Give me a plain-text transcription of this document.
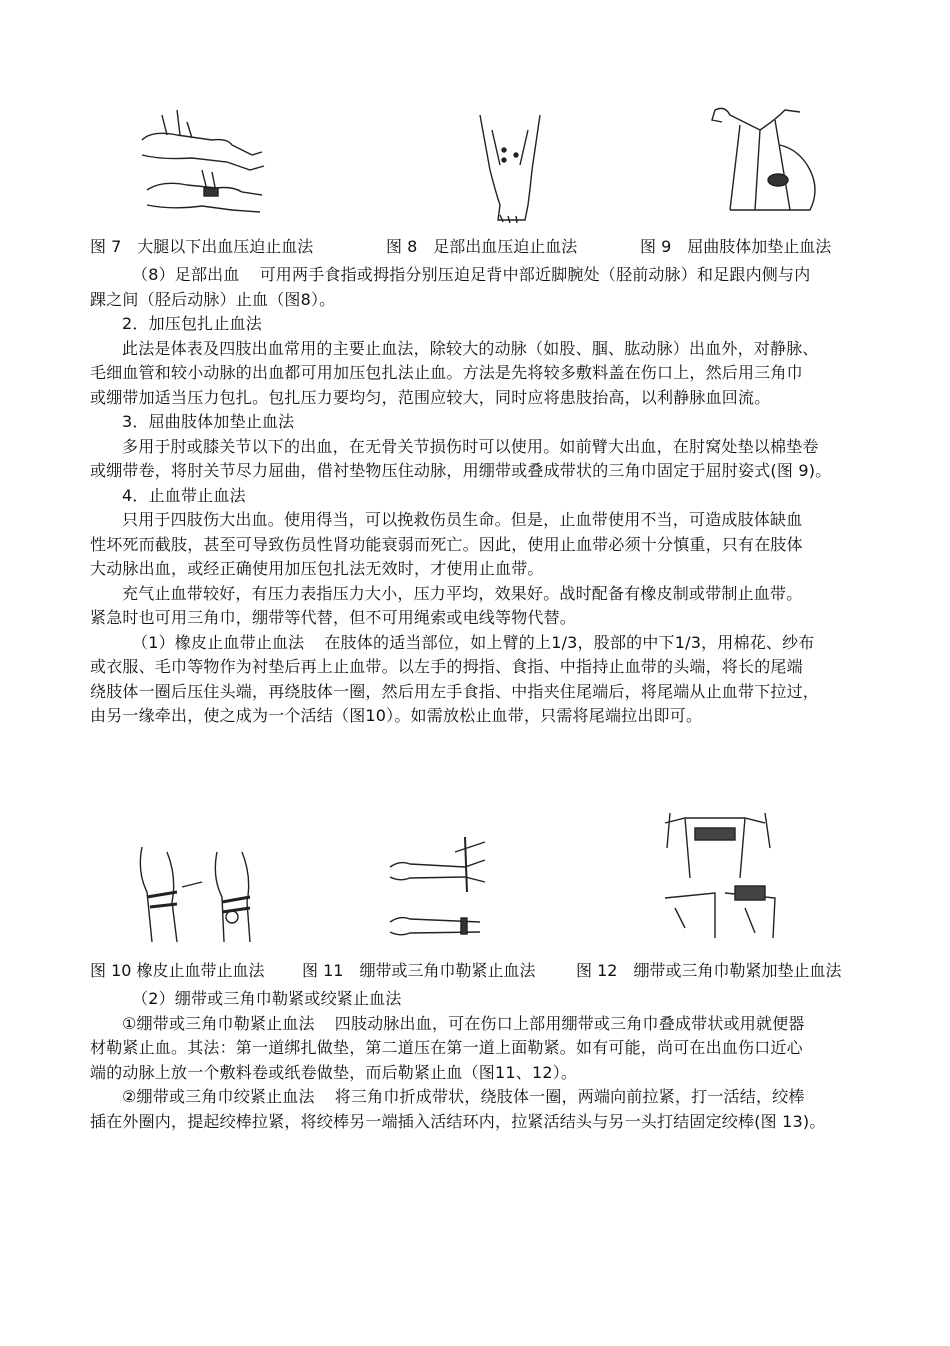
图 7　大腿以下出血压迫止血法	图 8　足部出血压迫止血法	图 9　屈曲肢体加垫止血法
（8）足部出血 可用两手食指或拇指分别压迫足背中部近脚腕处（胫前动脉）和足跟内侧与内
踝之间（胫后动脉）止血（图8）。
2．加压包扎止血法
此法是体表及四肢出血常用的主要止血法，除较大的动脉（如股、腘、肱动脉）出血外，对静脉、
毛细血管和较小动脉的出血都可用加压包扎法止血。方法是先将较多敷料盖在伤口上，然后用三角巾
或绷带加适当压力包扎。包扎压力要均匀，范围应较大，同时应将患肢抬高，以利静脉血回流。
3．屈曲肢体加垫止血法
多用于肘或膝关节以下的出血，在无骨关节损伤时可以使用。如前臂大出血，在肘窝处垫以棉垫卷
或绷带卷，将肘关节尽力屈曲，借衬垫物压住动脉，用绷带或叠成带状的三角巾固定于屈肘姿式(图 9)。
4．止血带止血法
只用于四肢伤大出血。使用得当，可以挽救伤员生命。但是，止血带使用不当，可造成肢体缺血
性坏死而截肢，甚至可导致伤员性肾功能衰弱而死亡。因此，使用止血带必须十分慎重，只有在肢体
大动脉出血，或经正确使用加压包扎法无效时，才使用止血带。
充气止血带较好，有压力表指压力大小，压力平均，效果好。战时配备有橡皮制或带制止血带。
紧急时也可用三角巾，绷带等代替，但不可用绳索或电线等物代替。
（1）橡皮止血带止血法 在肢体的适当部位，如上臂的上1/3，股部的中下1/3，用棉花、纱布
或衣服、毛巾等物作为衬垫后再上止血带。以左手的拇指、食指、中指持止血带的头端，将长的尾端
绕肢体一圈后压住头端，再绕肢体一圈，然后用左手食指、中指夹住尾端后，将尾端从止血带下拉过，
由另一缘牵出，使之成为一个活结（图10）。如需放松止血带，只需将尾端拉出即可。
图 10 橡皮止血带止血法 图 11　绷带或三角巾勒紧止血法	图 12　绷带或三角巾勒紧加垫止血法
（2）绷带或三角巾勒紧或绞紧止血法
①绷带或三角巾勒紧止血法 四肢动脉出血，可在伤口上部用绷带或三角巾叠成带状或用就便器
材勒紧止血。其法：第一道绑扎做垫，第二道压在第一道上面勒紧。如有可能，尚可在出血伤口近心
端的动脉上放一个敷料卷或纸卷做垫，而后勒紧止血（图11、12）。
②绷带或三角巾绞紧止血法 将三角巾折成带状，绕肢体一圈，两端向前拉紧，打一活结，绞棒
插在外圈内，提起绞棒拉紧，将绞棒另一端插入活结环内，拉紧活结头与另一头打结固定绞棒(图 13)。
